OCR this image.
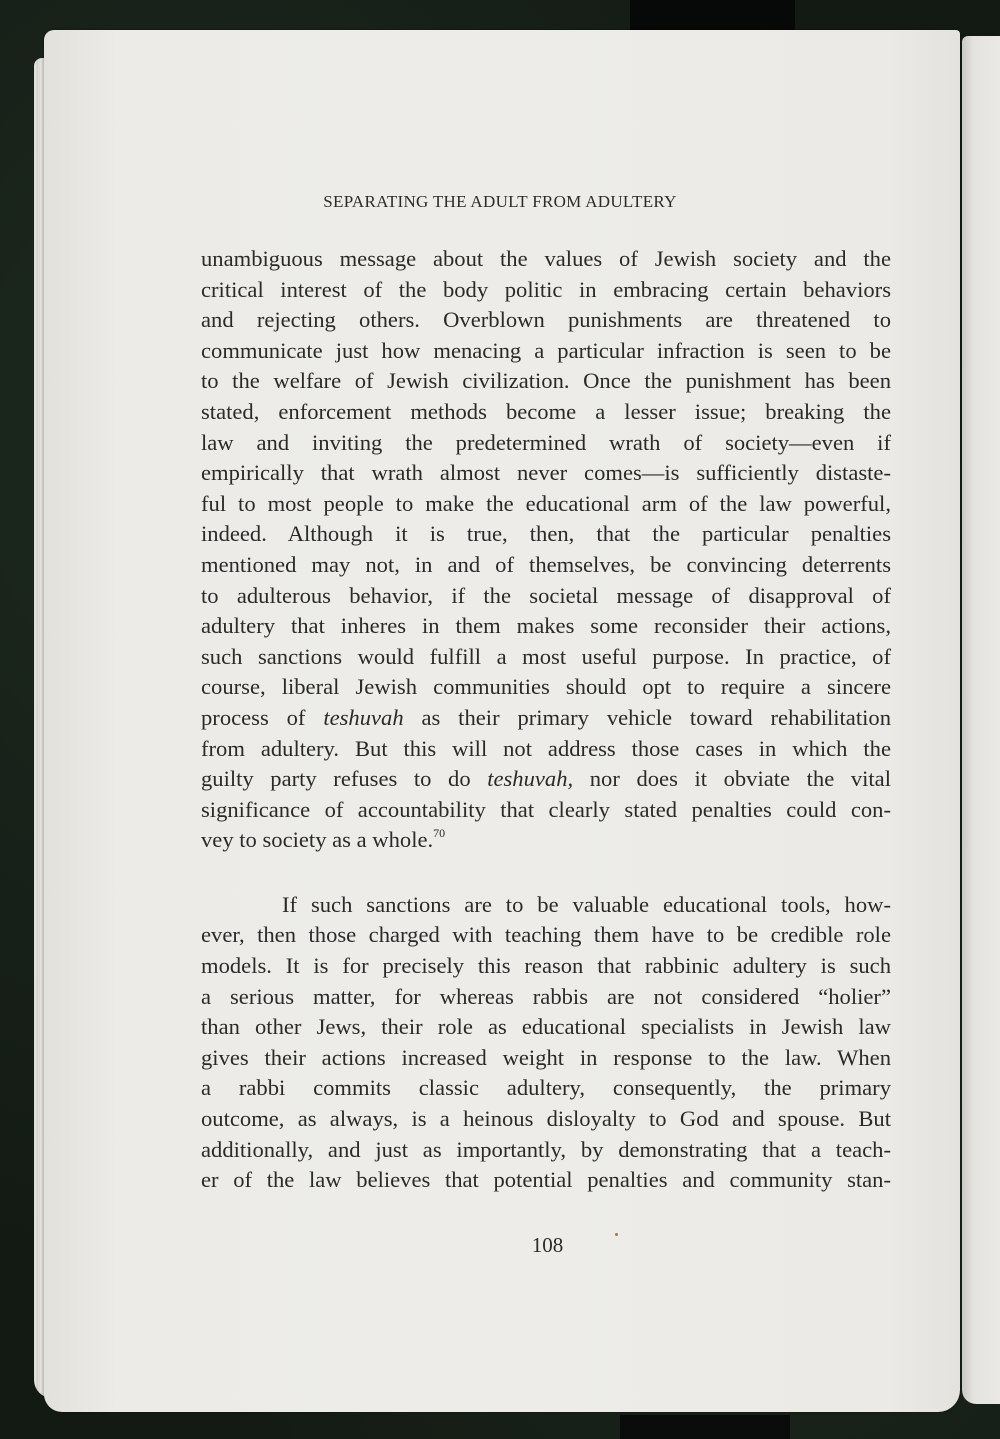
SEPARATING THE ADULT FROM ADULTERY
unambiguous message about the values of Jewish society and the
critical interest of the body politic in embracing certain behaviors
and rejecting others. Overblown punishments are threatened to
communicate just how menacing a particular infraction is seen to be
to the welfare of Jewish civilization. Once the punishment has been
stated, enforcement methods become a lesser issue; breaking the
law and inviting the predetermined wrath of society—even if
empirically that wrath almost never comes—is sufficiently distaste-
ful to most people to make the educational arm of the law powerful,
indeed. Although it is true, then, that the particular penalties
mentioned may not, in and of themselves, be convincing deterrents
to adulterous behavior, if the societal message of disapproval of
adultery that inheres in them makes some reconsider their actions,
such sanctions would fulfill a most useful purpose. In practice, of
course, liberal Jewish communities should opt to require a sincere
process of teshuvah as their primary vehicle toward rehabilitation
from adultery. But this will not address those cases in which the
guilty party refuses to do teshuvah, nor does it obviate the vital
significance of accountability that clearly stated penalties could con-
vey to society as a whole.$^{70}$
If such sanctions are to be valuable educational tools, how-
ever, then those charged with teaching them have to be credible role
models. It is for precisely this reason that rabbinic adultery is such
a serious matter, for whereas rabbis are not considered “holier”
than other Jews, their role as educational specialists in Jewish law
gives their actions increased weight in response to the law. When
a rabbi commits classic adultery, consequently, the primary
outcome, as always, is a heinous disloyalty to God and spouse. But
additionally, and just as importantly, by demonstrating that a teach-
er of the law believes that potential penalties and community stan-
108
